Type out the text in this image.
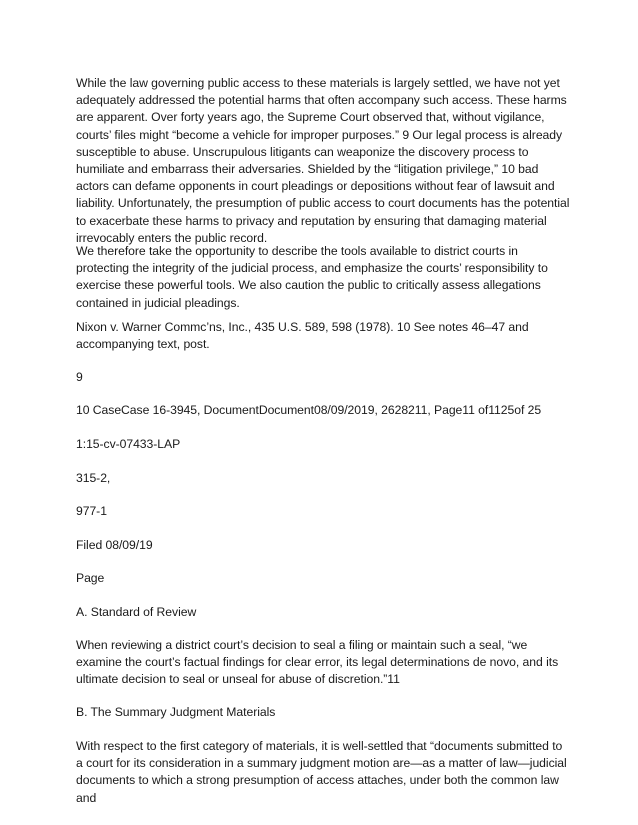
While the law governing public access to these materials is largely settled, we have not yet adequately addressed the potential harms that often accompany such access. These harms are apparent. Over forty years ago, the Supreme Court observed that, without vigilance, courts’ files might “become a vehicle for improper purposes.” 9 Our legal process is already susceptible to abuse. Unscrupulous litigants can weaponize the discovery process to humiliate and embarrass their adversaries. Shielded by the “litigation privilege,” 10 bad actors can defame opponents in court pleadings or depositions without fear of lawsuit and liability. Unfortunately, the presumption of public access to court documents has the potential to exacerbate these harms to privacy and reputation by ensuring that damaging material irrevocably enters the public record.

We therefore take the opportunity to describe the tools available to district courts in protecting the integrity of the judicial process, and emphasize the courts’ responsibility to exercise these powerful tools. We also caution the public to critically assess allegations contained in judicial pleadings.

Nixon v. Warner Commc’ns, Inc., 435 U.S. 589, 598 (1978). 10 See notes 46–47 and accompanying text, post.

9

10 CaseCase 16-3945, DocumentDocument08/09/2019, 2628211, Page11 of1125of 25

1:15-cv-07433-LAP

315-2,

977-1

Filed 08/09/19

Page

A. Standard of Review

When reviewing a district court’s decision to seal a filing or maintain such a seal, “we examine the court’s factual findings for clear error, its legal determinations de novo, and its ultimate decision to seal or unseal for abuse of discretion.”11

B. The Summary Judgment Materials

With respect to the first category of materials, it is well-settled that “documents submitted to a court for its consideration in a summary judgment motion are—as a matter of law—judicial documents to which a strong presumption of access attaches, under both the common law and
